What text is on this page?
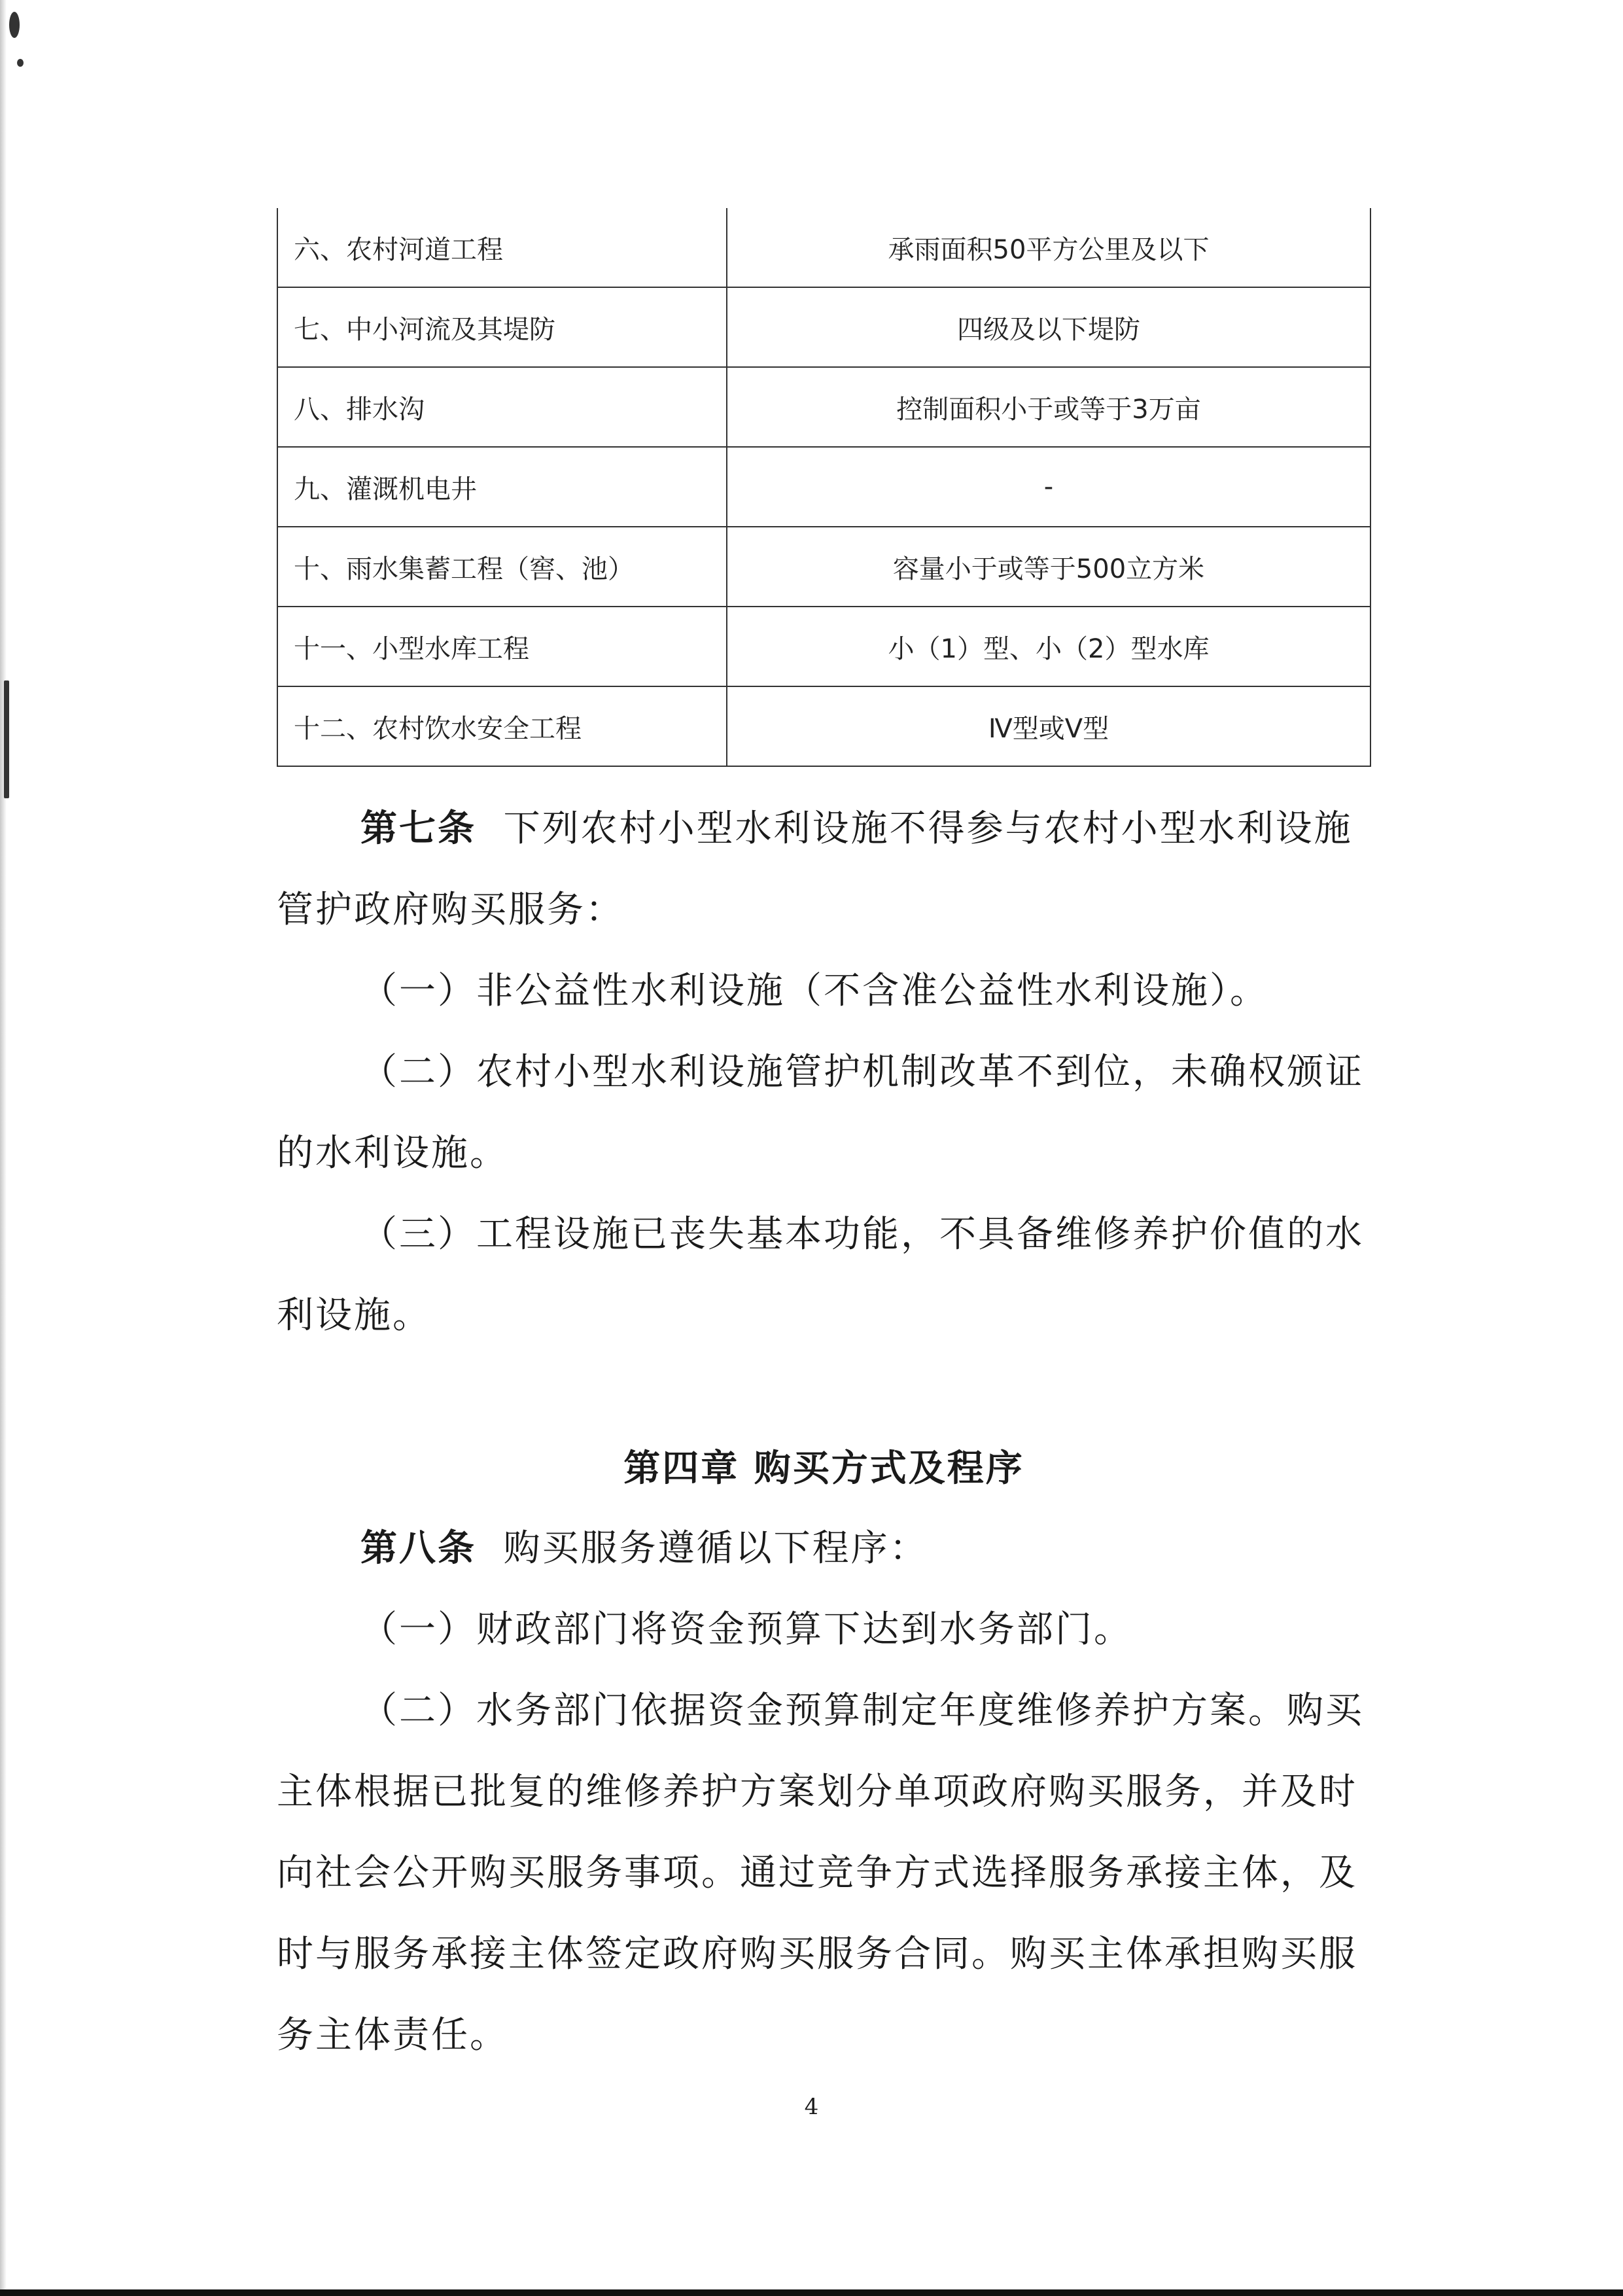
六、农村河道工程	承雨面积50平方公里及以下
七、中小河流及其堤防	四级及以下堤防
八、排水沟	控制面积小于或等于3万亩
九、灌溉机电井	-
十、雨水集蓄工程（窖、池）	容量小于或等于500立方米
十一、小型水库工程	小（1）型、小（2）型水库
十二、农村饮水安全工程	Ⅳ型或Ⅴ型

第七条 下列农村小型水利设施不得参与农村小型水利设施管护政府购买服务：

（一）非公益性水利设施（不含准公益性水利设施）。

（二）农村小型水利设施管护机制改革不到位，未确权颁证的水利设施。

（三）工程设施已丧失基本功能，不具备维修养护价值的水利设施。

第四章 购买方式及程序

第八条 购买服务遵循以下程序：

（一）财政部门将资金预算下达到水务部门。

（二）水务部门依据资金预算制定年度维修养护方案。购买主体根据已批复的维修养护方案划分单项政府购买服务，并及时向社会公开购买服务事项。通过竞争方式选择服务承接主体，及时与服务承接主体签定政府购买服务合同。购买主体承担购买服务主体责任。

4
